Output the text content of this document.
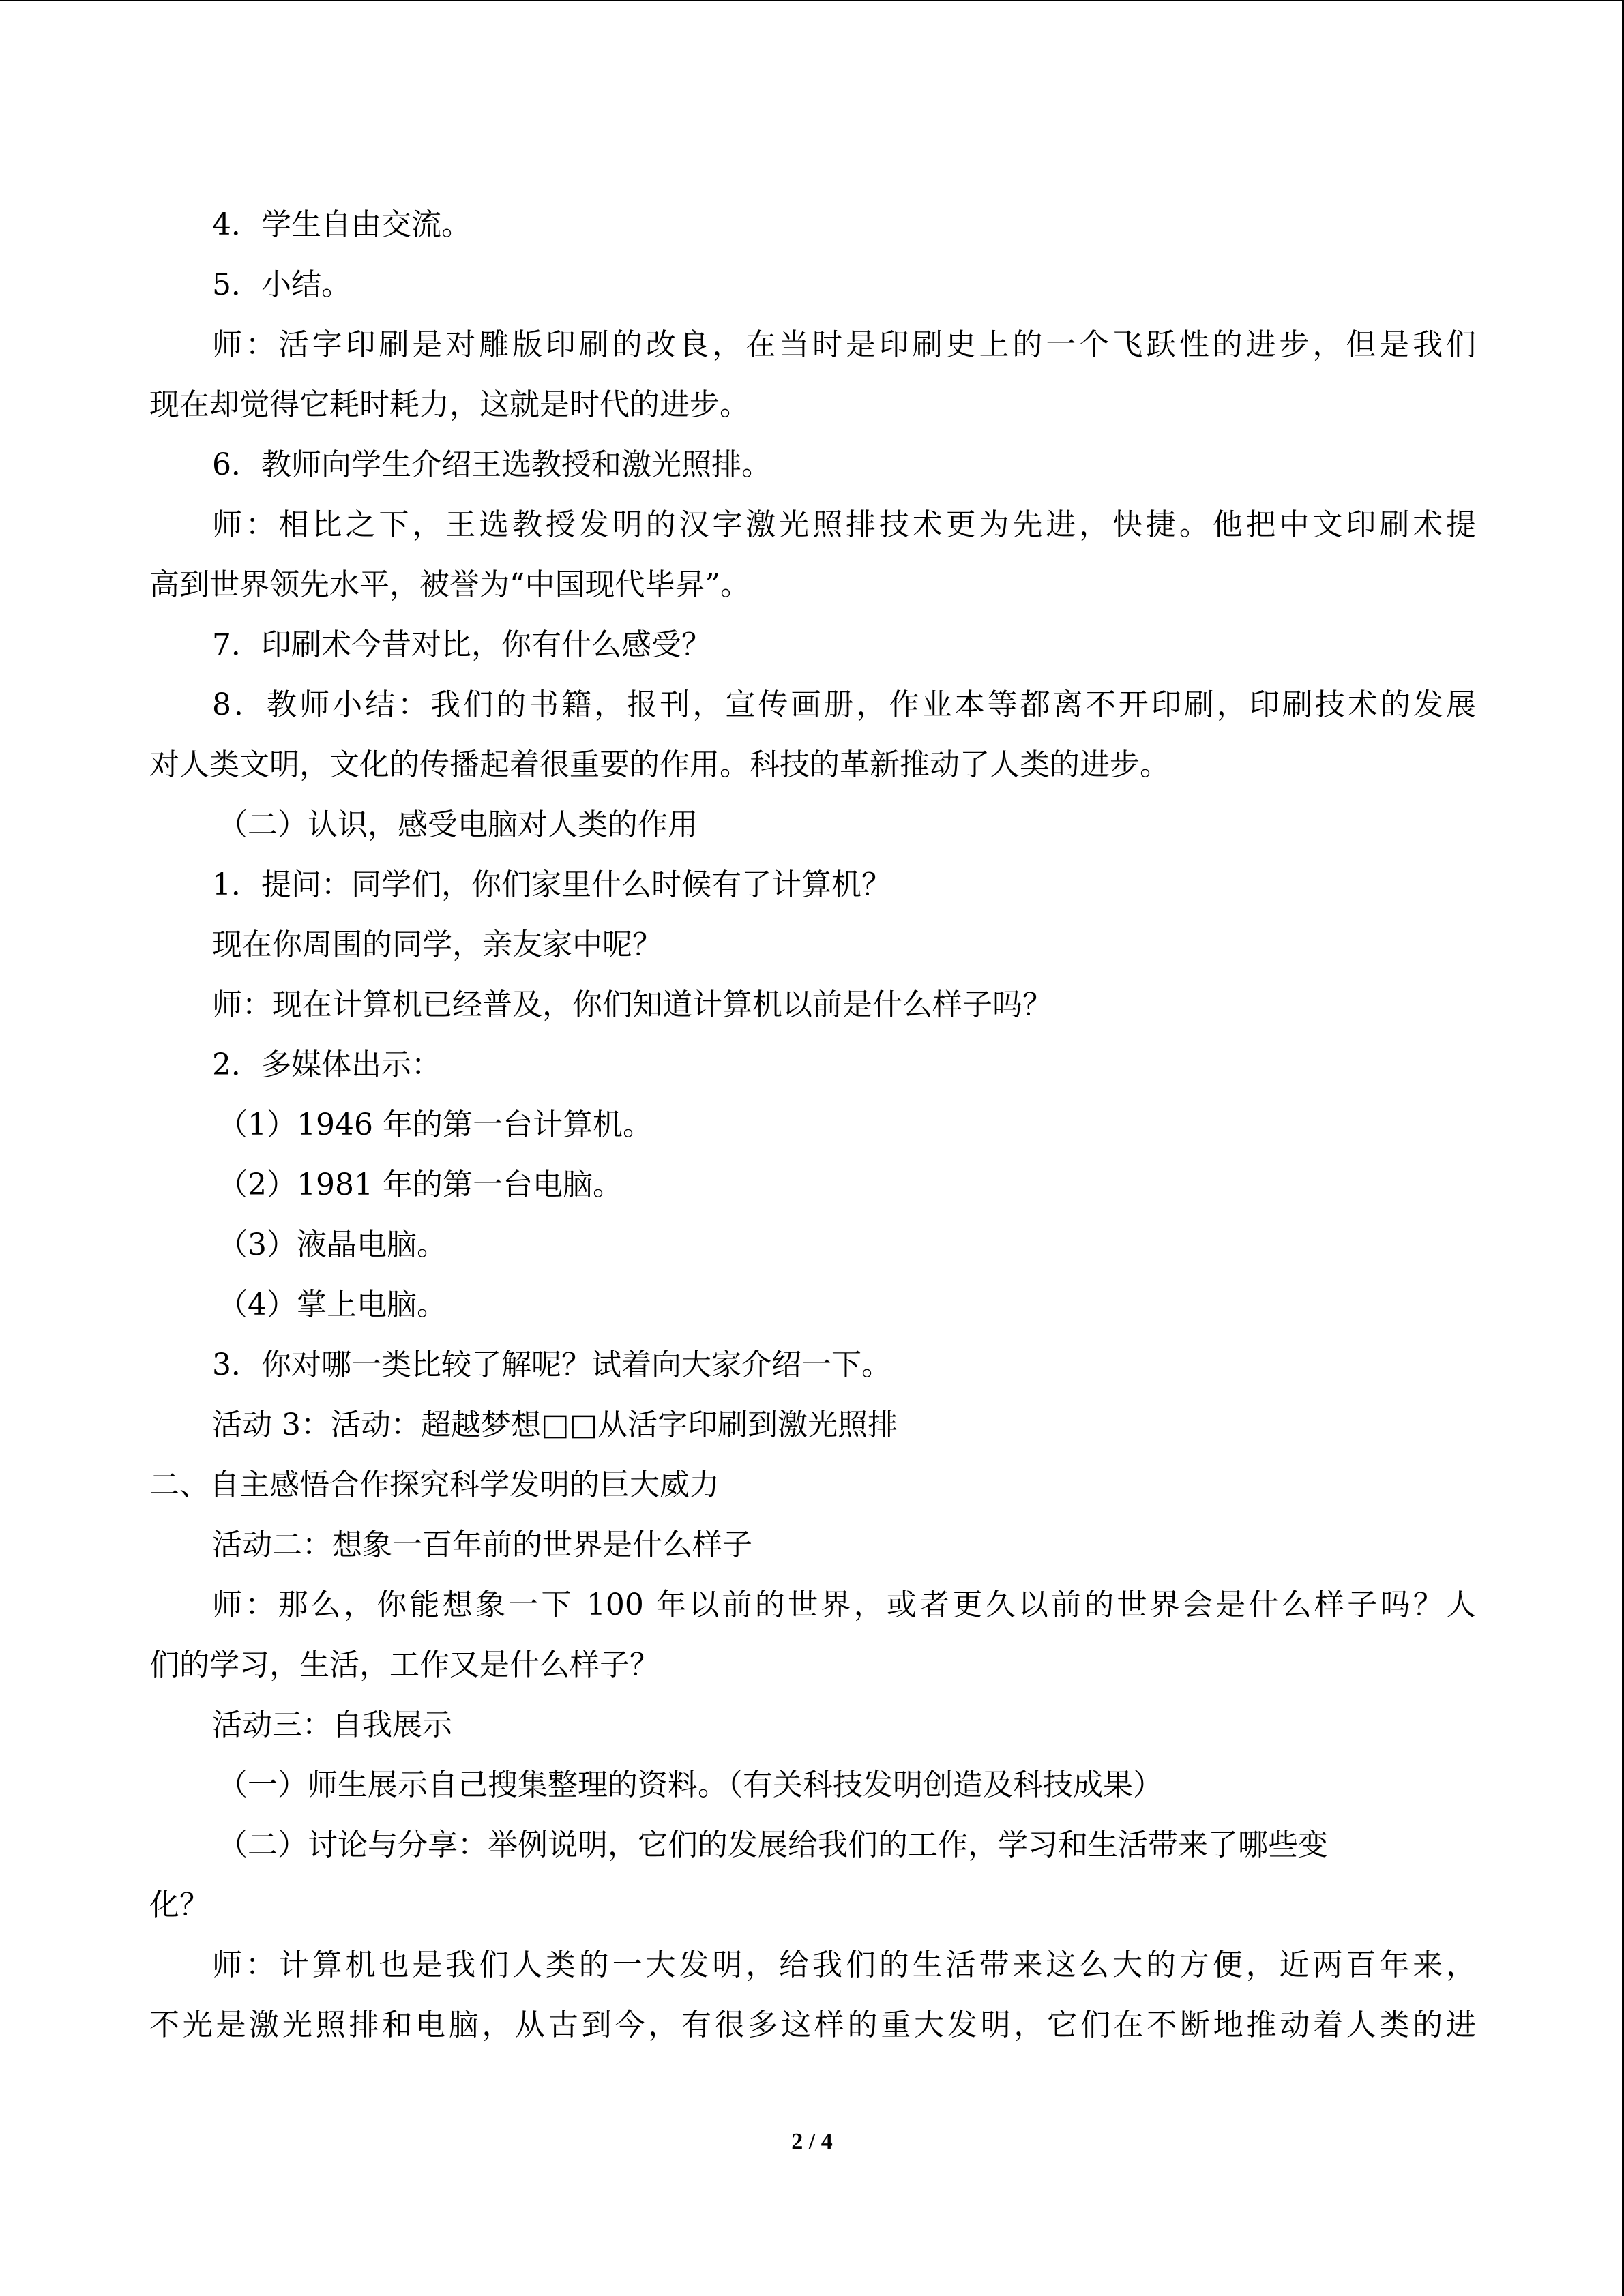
4．学生自由交流。
5．小结。
师：活字印刷是对雕版印刷的改良，在当时是印刷史上的一个飞跃性的进步，但是我们
现在却觉得它耗时耗力，这就是时代的进步。
6．教师向学生介绍王选教授和激光照排。
师：相比之下，王选教授发明的汉字激光照排技术更为先进，快捷。他把中文印刷术提
高到世界领先水平，被誉为“中国现代毕昇”。
7．印刷术今昔对比，你有什么感受？
8．教师小结：我们的书籍，报刊，宣传画册，作业本等都离不开印刷，印刷技术的发展
对人类文明，文化的传播起着很重要的作用。科技的革新推动了人类的进步。
（二）认识，感受电脑对人类的作用
1．提问：同学们，你们家里什么时候有了计算机？
现在你周围的同学，亲友家中呢？
师：现在计算机已经普及，你们知道计算机以前是什么样子吗？
2．多媒体出示：
（1）1946 年的第一台计算机。
（2）1981 年的第一台电脑。
（3）液晶电脑。
（4）掌上电脑。
3．你对哪一类比较了解呢？试着向大家介绍一下。
活动 3：活动：超越梦想□□从活字印刷到激光照排
二、自主感悟合作探究科学发明的巨大威力
活动二：想象一百年前的世界是什么样子
师：那么，你能想象一下 100 年以前的世界，或者更久以前的世界会是什么样子吗？人
们的学习，生活，工作又是什么样子？
活动三：自我展示
（一）师生展示自己搜集整理的资料。（有关科技发明创造及科技成果）
（二）讨论与分享：举例说明，它们的发展给我们的工作，学习和生活带来了哪些变
化？
师：计算机也是我们人类的一大发明，给我们的生活带来这么大的方便，近两百年来，
不光是激光照排和电脑，从古到今，有很多这样的重大发明，它们在不断地推动着人类的进
2 / 4
